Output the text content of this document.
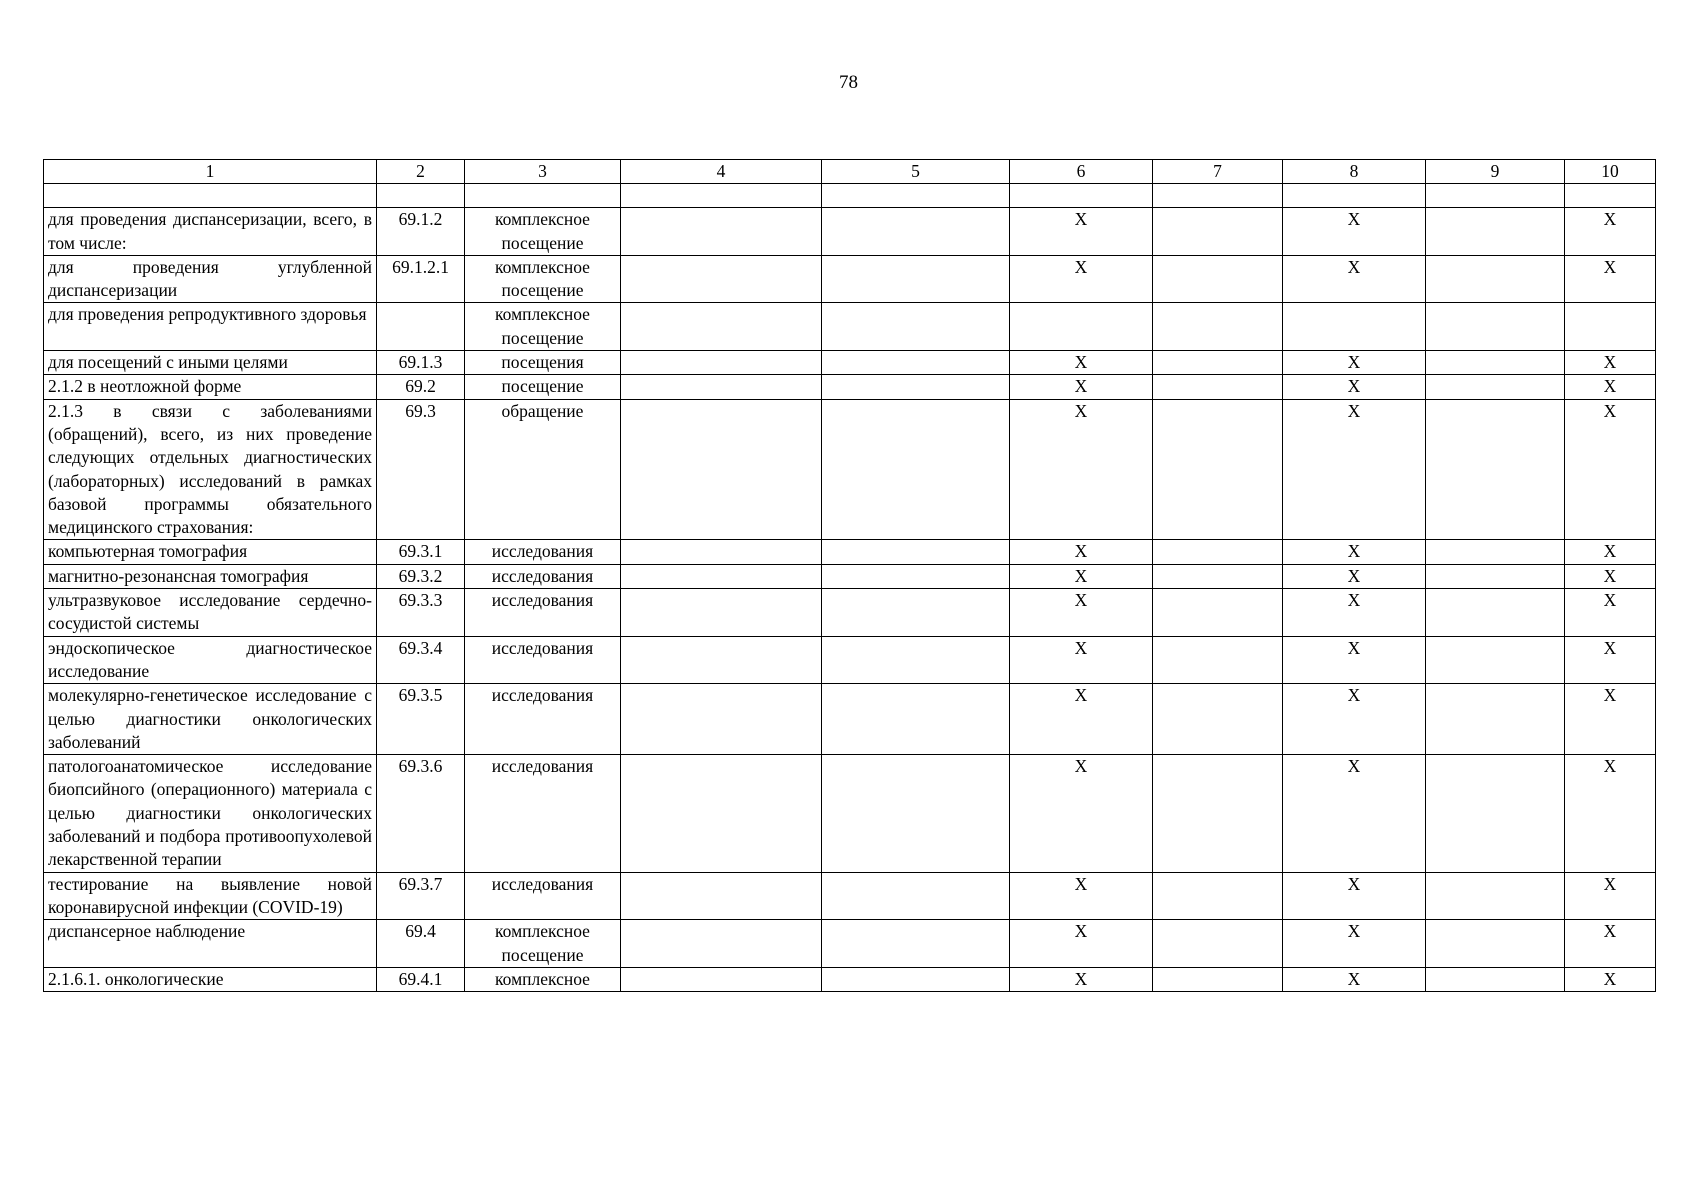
78
1	2	3	4	5	6	7	8	9	10

для проведения диспансеризации, всего, в том числе:	69.1.2	комплексное посещение			Х		Х		Х
для проведения углубленной диспансеризации	69.1.2.1	комплексное посещение			Х		Х		Х
для проведения репродуктивного здоровья		комплексное посещение							
для посещений с иными целями	69.1.3	посещения			Х		Х		Х
2.1.2 в неотложной форме	69.2	посещение			Х		Х		Х
2.1.3 в связи с заболеваниями (обращений), всего, из них проведение следующих отдельных диагностических (лабораторных) исследований в рамках базовой программы обязательного медицинского страхования:	69.3	обращение			Х		Х		Х
компьютерная томография	69.3.1	исследования			Х		Х		Х
магнитно-резонансная томография	69.3.2	исследования			Х		Х		Х
ультразвуковое исследование сердечно-сосудистой системы	69.3.3	исследования			Х		Х		Х
эндоскопическое диагностическое исследование	69.3.4	исследования			Х		Х		Х
молекулярно-генетическое исследование с целью диагностики онкологических заболеваний	69.3.5	исследования			Х		Х		Х
патологоанатомическое исследование биопсийного (операционного) материала с целью диагностики онкологических заболеваний и подбора противоопухолевой лекарственной терапии	69.3.6	исследования			Х		Х		Х
тестирование на выявление новой коронавирусной инфекции (COVID-19)	69.3.7	исследования			Х		Х		Х
диспансерное наблюдение	69.4	комплексное посещение			Х		Х		Х
2.1.6.1. онкологические	69.4.1	комплексное			Х		Х		Х
